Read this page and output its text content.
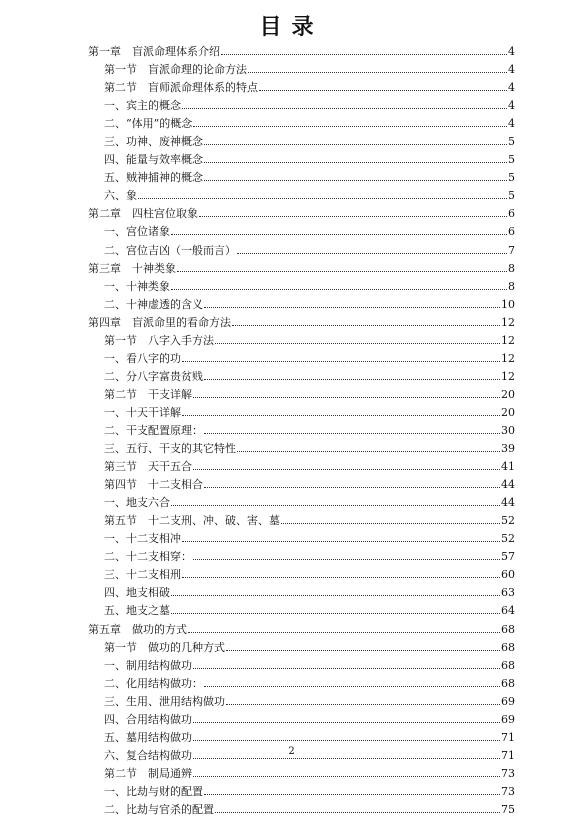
目录
第一章　盲派命理体系介绍	4
第一节　盲派命理的论命方法	4
第二节　盲师派命理体系的特点	4
一、宾主的概念	4
二、“体用”的概念	4
三、功神、废神概念	5
四、能量与效率概念	5
五、贼神捕神的概念	5
六、象	5
第二章　四柱宫位取象	6
一、宫位诸象	6
二、宫位吉凶（一般而言）	7
第三章　十神类象	8
一、十神类象	8
二、十神虚透的含义	10
第四章　盲派命里的看命方法	12
第一节　八字入手方法	12
一、看八字的功	12
二、分八字富贵贫贱	12
第二节　干支详解	20
一、十天干详解	20
二、干支配置原理：	30
三、五行、干支的其它特性	39
第三节　天干五合	41
第四节　十二支相合	44
一、地支六合	44
第五节　十二支刑、冲、破、害、墓	52
一、十二支相冲	52
二、十二支相穿：	57
三、十二支相刑	60
四、地支相破	63
五、地支之墓	64
第五章　做功的方式	68
第一节　做功的几种方式	68
一、制用结构做功	68
二、化用结构做功：	68
三、生用、泄用结构做功	69
四、合用结构做功	69
五、墓用结构做功	71
六、复合结构做功	71
第二节　制局通辨	73
一、比劫与财的配置	73
二、比劫与官杀的配置	75
2
